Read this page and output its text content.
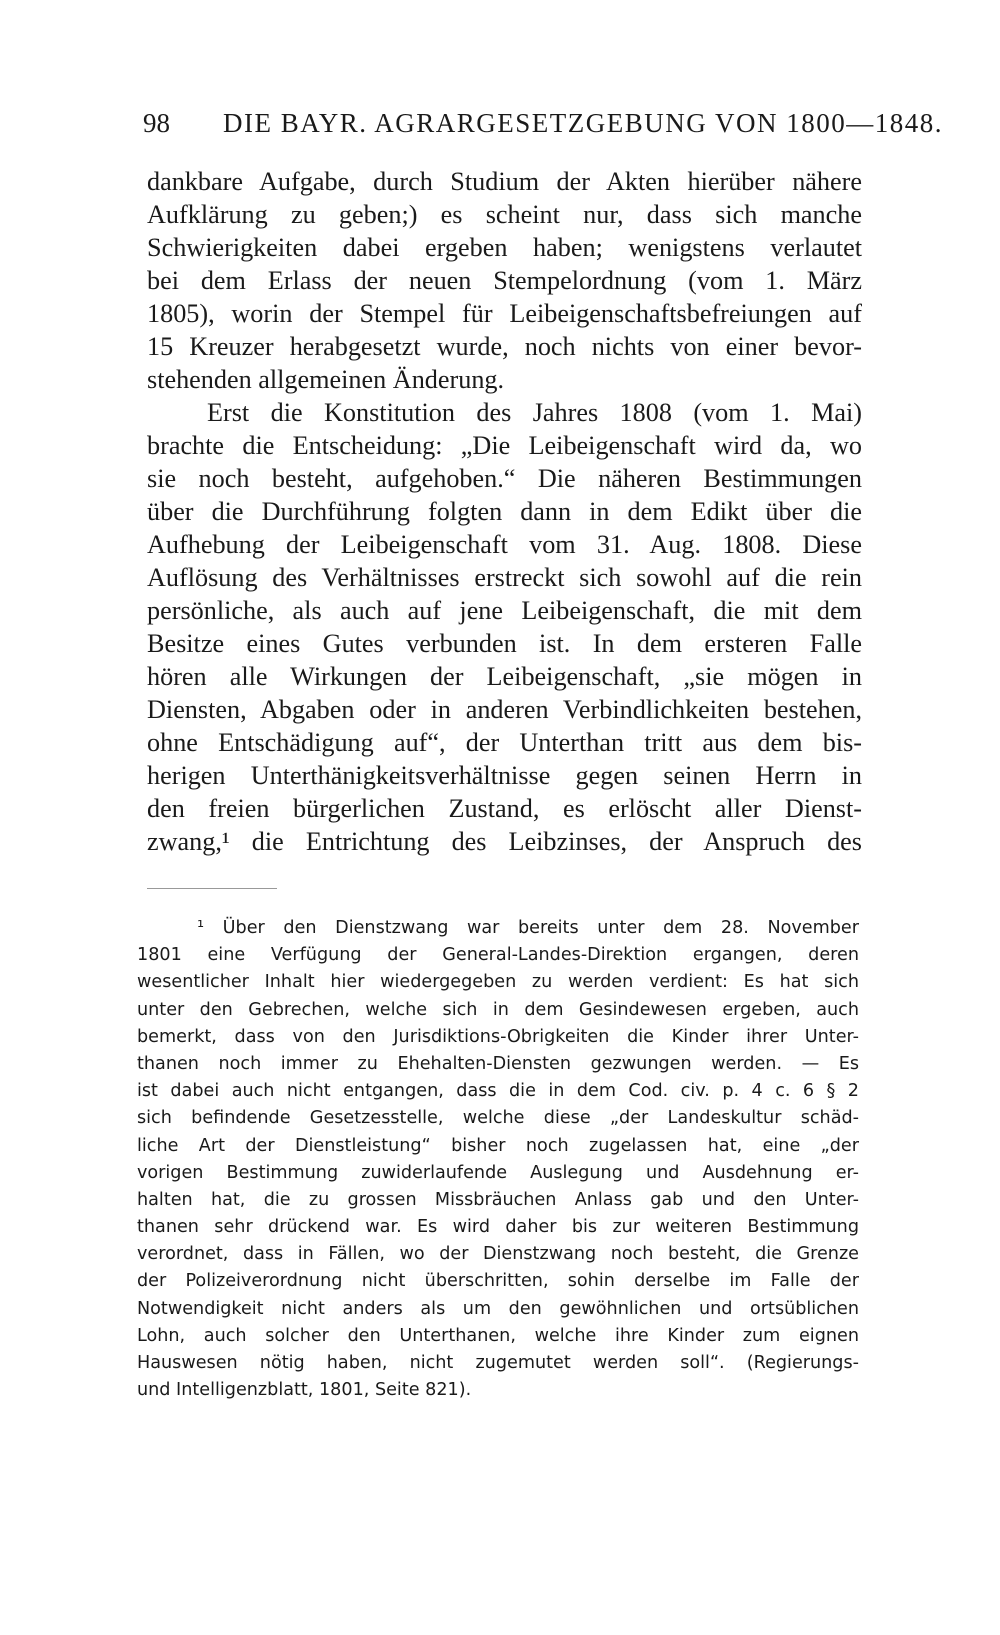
98 DIE BAYR. AGRARGESETZGEBUNG VON 1800—1848.
dankbare Aufgabe, durch Studium der Akten hierüber nähere
Aufklärung zu geben;) es scheint nur, dass sich manche
Schwierigkeiten dabei ergeben haben; wenigstens verlautet
bei dem Erlass der neuen Stempelordnung (vom 1. März
1805), worin der Stempel für Leibeigenschaftsbefreiungen auf
15 Kreuzer herabgesetzt wurde, noch nichts von einer bevor-
stehenden allgemeinen Änderung.
Erst die Konstitution des Jahres 1808 (vom 1. Mai)
brachte die Entscheidung: „Die Leibeigenschaft wird da, wo
sie noch besteht, aufgehoben.“ Die näheren Bestimmungen
über die Durchführung folgten dann in dem Edikt über die
Aufhebung der Leibeigenschaft vom 31. Aug. 1808. Diese
Auflösung des Verhältnisses erstreckt sich sowohl auf die rein
persönliche, als auch auf jene Leibeigenschaft, die mit dem
Besitze eines Gutes verbunden ist. In dem ersteren Falle
hören alle Wirkungen der Leibeigenschaft, „sie mögen in
Diensten, Abgaben oder in anderen Verbindlichkeiten bestehen,
ohne Entschädigung auf“, der Unterthan tritt aus dem bis-
herigen Unterthänigkeitsverhältnisse gegen seinen Herrn in
den freien bürgerlichen Zustand, es erlöscht aller Dienst-
zwang,¹ die Entrichtung des Leibzinses, der Anspruch des
¹ Über den Dienstzwang war bereits unter dem 28. November
1801 eine Verfügung der General-Landes-Direktion ergangen, deren
wesentlicher Inhalt hier wiedergegeben zu werden verdient: Es hat sich
unter den Gebrechen, welche sich in dem Gesindewesen ergeben, auch
bemerkt, dass von den Jurisdiktions-Obrigkeiten die Kinder ihrer Unter-
thanen noch immer zu Ehehalten-Diensten gezwungen werden. — Es
ist dabei auch nicht entgangen, dass die in dem Cod. civ. p. 4 c. 6 § 2
sich befindende Gesetzesstelle, welche diese „der Landeskultur schäd-
liche Art der Dienstleistung“ bisher noch zugelassen hat, eine „der
vorigen Bestimmung zuwiderlaufende Auslegung und Ausdehnung er-
halten hat, die zu grossen Missbräuchen Anlass gab und den Unter-
thanen sehr drückend war. Es wird daher bis zur weiteren Bestimmung
verordnet, dass in Fällen, wo der Dienstzwang noch besteht, die Grenze
der Polizeiverordnung nicht überschritten, sohin derselbe im Falle der
Notwendigkeit nicht anders als um den gewöhnlichen und ortsüblichen
Lohn, auch solcher den Unterthanen, welche ihre Kinder zum eignen
Hauswesen nötig haben, nicht zugemutet werden soll“. (Regierungs-
und Intelligenzblatt, 1801, Seite 821).
